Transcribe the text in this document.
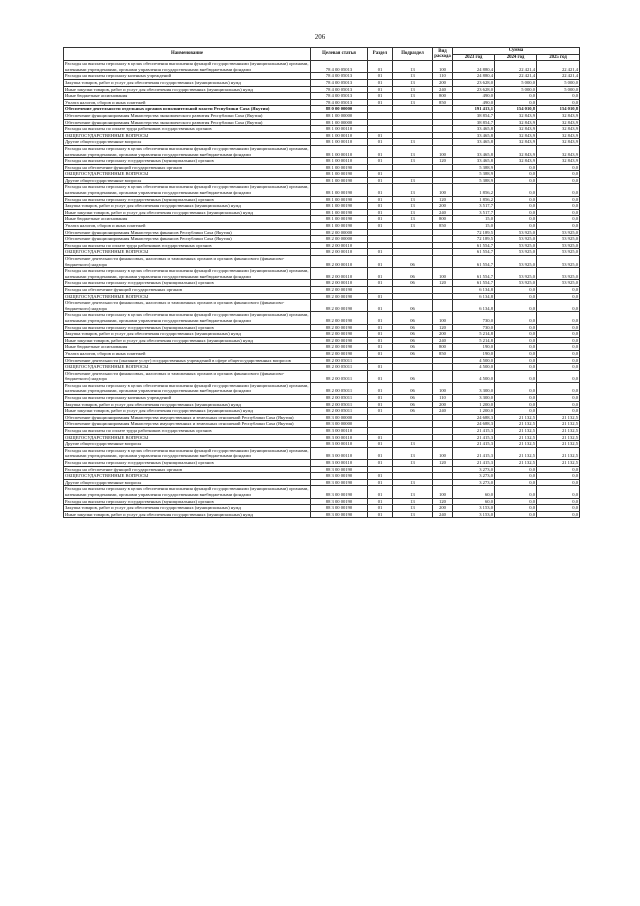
206
Наименование	Целевая статья	Раздел	Подраздел	Вид расхода	Сумма		
					2023 год	2024 год	2025 год
Расходы на выплаты персоналу в целях обеспечения выполнения функций государственными (муниципальными) органами, казенными учреждениями, органами управления государственными внебюджетными фондами	78 4 00 05013	01	13	100	24 880,4	22 421,4	22 421,4
Расходы на выплаты персоналу казенных учреждений	78 4 00 05013	01	13	110	24 880,4	22 421,4	22 421,4
Закупка товаров, работ и услуг для обеспечения государственных (муниципальных) нужд	78 4 00 05013	01	13	200	23 628,0	5 000,0	5 000,0
Иные закупки товаров, работ и услуг для обеспечения государственных (муниципальных) нужд	78 4 00 05013	01	13	240	23 628,0	5 000,0	5 000,0
Иные бюджетные ассигнования	78 4 00 05013	01	13	800	490,0	0,0	0,0
Уплата налогов, сборов и иных платежей	78 4 00 05013	01	13	850	490,0	0,0	0,0
Обеспечение деятельности отдельных органов исполнительной власти Республики Саха (Якутия)	88 0 00 00000				191 413,1	154 010,8	154 010,8
Обеспечение функционирования Министерства экономического развития Республики Саха (Якутия)	88 1 00 00000				38 854,7	32 843,9	32 843,9
Обеспечение функционирования Министерства экономического развития Республики Саха (Якутия)	88 1 00 00000				38 854,7	32 843,9	32 843,9
Расходы на выплаты по оплате труда работников государственных органов	88 1 00 00110				33 465,8	32 843,9	32 843,9
ОБЩЕГОСУДАРСТВЕННЫЕ ВОПРОСЫ	88 1 00 00110	01			33 465,8	32 843,9	32 843,9
Другие общегосударственные вопросы	88 1 00 00110	01	13		33 465,8	32 843,9	32 843,9
Расходы на выплаты персоналу в целях обеспечения выполнения функций государственными (муниципальными) органами, казенными учреждениями, органами управления государственными внебюджетными фондами	88 1 00 00110	01	13	100	33 465,8	32 843,9	32 843,9
Расходы на выплаты персоналу государственных (муниципальных) органов	88 1 00 00110	01	13	120	33 465,8	32 843,9	32 843,9
Расходы на обеспечение функций государственных органов	88 1 00 00190				5 388,9	0,0	0,0
ОБЩЕГОСУДАРСТВЕННЫЕ ВОПРОСЫ	88 1 00 00190	01			5 388,9	0,0	0,0
Другие общегосударственные вопросы	88 1 00 00190	01	13		5 388,9	0,0	0,0
Расходы на выплаты персоналу в целях обеспечения выполнения функций государственными (муниципальными) органами, казенными учреждениями, органами управления государственными внебюджетными фондами	88 1 00 00190	01	13	100	1 856,2	0,0	0,0
Расходы на выплаты персоналу государственных (муниципальных) органов	88 1 00 00190	01	13	120	1 856,2	0,0	0,0
Закупка товаров, работ и услуг для обеспечения государственных (муниципальных) нужд	88 1 00 00190	01	13	200	3 517,7	0,0	0,0
Иные закупки товаров, работ и услуг для обеспечения государственных (муниципальных) нужд	88 1 00 00190	01	13	240	3 517,7	0,0	0,0
Иные бюджетные ассигнования	88 1 00 00190	01	13	800	15,0	0,0	0,0
Уплата налогов, сборов и иных платежей	88 1 00 00190	01	13	850	15,0	0,0	0,0
Обеспечение функционирования Министерства финансов Республики Саха (Якутия)	88 2 00 00000				72 189,5	53 925,0	53 925,0
Обеспечение функционирования Министерства финансов Республики Саха (Якутия)	88 2 00 00000				72 189,5	53 925,0	53 925,0
Расходы на выплаты по оплате труда работников государственных органов	88 2 00 00110				61 554,7	53 925,0	53 925,0
ОБЩЕГОСУДАРСТВЕННЫЕ ВОПРОСЫ	88 2 00 00110	01			61 554,7	53 925,0	53 925,0
Обеспечение деятельности финансовых, налоговых и таможенных органов и органов финансового (финансово-бюджетного) надзора	88 2 00 00110	01	06		61 554,7	53 925,0	53 925,0
Расходы на выплаты персоналу в целях обеспечения выполнения функций государственными (муниципальными) органами, казенными учреждениями, органами управления государственными внебюджетными фондами	88 2 00 00110	01	06	100	61 554,7	53 925,0	53 925,0
Расходы на выплаты персоналу государственных (муниципальных) органов	88 2 00 00110	01	06	120	61 554,7	53 925,0	53 925,0
Расходы на обеспечение функций государственных органов	88 2 00 00190				6 134,8	0,0	0,0
ОБЩЕГОСУДАРСТВЕННЫЕ ВОПРОСЫ	88 2 00 00190	01			6 134,8	0,0	0,0
Обеспечение деятельности финансовых, налоговых и таможенных органов и органов финансового (финансово-бюджетного) надзора	88 2 00 00190	01	06		6 134,8	0,0	0,0
Расходы на выплаты персоналу в целях обеспечения выполнения функций государственными (муниципальными) органами, казенными учреждениями, органами управления государственными внебюджетными фондами	88 2 00 00190	01	06	100	730,0	0,0	0,0
Расходы на выплаты персоналу государственных (муниципальных) органов	88 2 00 00190	01	06	120	730,0	0,0	0,0
Закупка товаров, работ и услуг для обеспечения государственных (муниципальных) нужд	88 2 00 00190	01	06	200	5 214,8	0,0	0,0
Иные закупки товаров, работ и услуг для обеспечения государственных (муниципальных) нужд	88 2 00 00190	01	06	240	5 214,8	0,0	0,0
Иные бюджетные ассигнования	88 2 00 00190	01	06	800	190,0	0,0	0,0
Уплата налогов, сборов и иных платежей	88 2 00 00190	01	06	850	190,0	0,0	0,0
Обеспечение деятельности (оказание услуг) государственных учреждений в сфере общегосударственных вопросов	88 2 00 05011				4 500,0	0,0	0,0
ОБЩЕГОСУДАРСТВЕННЫЕ ВОПРОСЫ	88 2 00 05011	01			4 500,0	0,0	0,0
Обеспечение деятельности финансовых, налоговых и таможенных органов и органов финансового (финансово-бюджетного) надзора	88 2 00 05011	01	06		4 500,0	0,0	0,0
Расходы на выплаты персоналу в целях обеспечения выполнения функций государственными (муниципальными) органами, казенными учреждениями, органами управления государственными внебюджетными фондами	88 2 00 05011	01	06	100	3 300,0	0,0	0,0
Расходы на выплаты персоналу казенных учреждений	88 2 00 05011	01	06	110	3 300,0	0,0	0,0
Закупка товаров, работ и услуг для обеспечения государственных (муниципальных) нужд	88 2 00 05011	01	06	200	1 200,0	0,0	0,0
Иные закупки товаров, работ и услуг для обеспечения государственных (муниципальных) нужд	88 2 00 05011	01	06	240	1 200,0	0,0	0,0
Обеспечение функционирования Министерства имущественных и земельных отношений Республики Саха (Якутия)	88 3 00 00000				24 688,3	21 132,5	21 132,5
Обеспечение функционирования Министерства имущественных и земельных отношений Республики Саха (Якутия)	88 3 00 00000				24 688,3	21 132,5	21 132,5
Расходы на выплаты по оплате труда работников государственных органов	88 3 00 00110				21 415,3	21 132,5	21 132,5
ОБЩЕГОСУДАРСТВЕННЫЕ ВОПРОСЫ	88 3 00 00110	01			21 415,3	21 132,5	21 132,5
Другие общегосударственные вопросы	88 3 00 00110	01	13		21 415,3	21 132,5	21 132,5
Расходы на выплаты персоналу в целях обеспечения выполнения функций государственными (муниципальными) органами, казенными учреждениями, органами управления государственными внебюджетными фондами	88 3 00 00110	01	13	100	21 415,3	21 132,5	21 132,5
Расходы на выплаты персоналу государственных (муниципальных) органов	88 3 00 00110	01	13	120	21 415,3	21 132,5	21 132,5
Расходы на обеспечение функций государственных органов	88 3 00 00190				3 273,0	0,0	0,0
ОБЩЕГОСУДАРСТВЕННЫЕ ВОПРОСЫ	88 3 00 00190	01			3 273,0	0,0	0,0
Другие общегосударственные вопросы	88 3 00 00190	01	13		3 273,0	0,0	0,0
Расходы на выплаты персоналу в целях обеспечения выполнения функций государственными (муниципальными) органами, казенными учреждениями, органами управления государственными внебюджетными фондами	88 3 00 00190	01	13	100	60,0	0,0	0,0
Расходы на выплаты персоналу государственных (муниципальных) органов	88 3 00 00190	01	13	120	60,0	0,0	0,0
Закупка товаров, работ и услуг для обеспечения государственных (муниципальных) нужд	88 3 00 00190	01	13	200	3 153,0	0,0	0,0
Иные закупки товаров, работ и услуг для обеспечения государственных (муниципальных) нужд	88 3 00 00190	01	13	240	3 153,0	0,0	0,0
